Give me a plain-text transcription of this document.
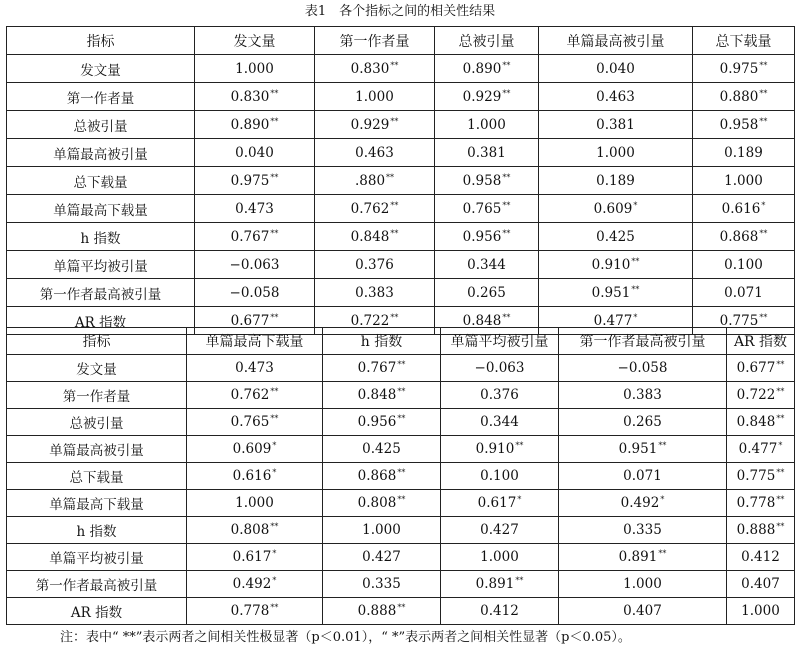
表1　各个指标之间的相关性结果
指标	发文量	第一作者量	总被引量	单篇最高被引量	总下载量
发文量	1.000	0.830**	0.890**	0.040	0.975**
第一作者量	0.830**	1.000	0.929**	0.463	0.880**
总被引量	0.890**	0.929**	1.000	0.381	0.958**
单篇最高被引量	0.040	0.463	0.381	1.000	0.189
总下载量	0.975**	.880**	0.958**	0.189	1.000
单篇最高下载量	0.473	0.762**	0.765**	0.609*	0.616*
h 指数	0.767**	0.848**	0.956**	0.425	0.868**
单篇平均被引量	−0.063	0.376	0.344	0.910**	0.100
第一作者最高被引量	−0.058	0.383	0.265	0.951**	0.071
AR 指数	0.677**	0.722**	0.848**	0.477*	0.775**
指标	单篇最高下载量	h 指数	单篇平均被引量	第一作者最高被引量	AR 指数
发文量	0.473	0.767**	−0.063	−0.058	0.677**
第一作者量	0.762**	0.848**	0.376	0.383	0.722**
总被引量	0.765**	0.956**	0.344	0.265	0.848**
单篇最高被引量	0.609*	0.425	0.910**	0.951**	0.477*
总下载量	0.616*	0.868**	0.100	0.071	0.775**
单篇最高下载量	1.000	0.808**	0.617*	0.492*	0.778**
h 指数	0.808**	1.000	0.427	0.335	0.888**
单篇平均被引量	0.617*	0.427	1.000	0.891**	0.412
第一作者最高被引量	0.492*	0.335	0.891**	1.000	0.407
AR 指数	0.778**	0.888**	0.412	0.407	1.000
注：表中“ **”表示两者之间相关性极显著（p＜0.01），“ *”表示两者之间相关性显著（p＜0.05）。
